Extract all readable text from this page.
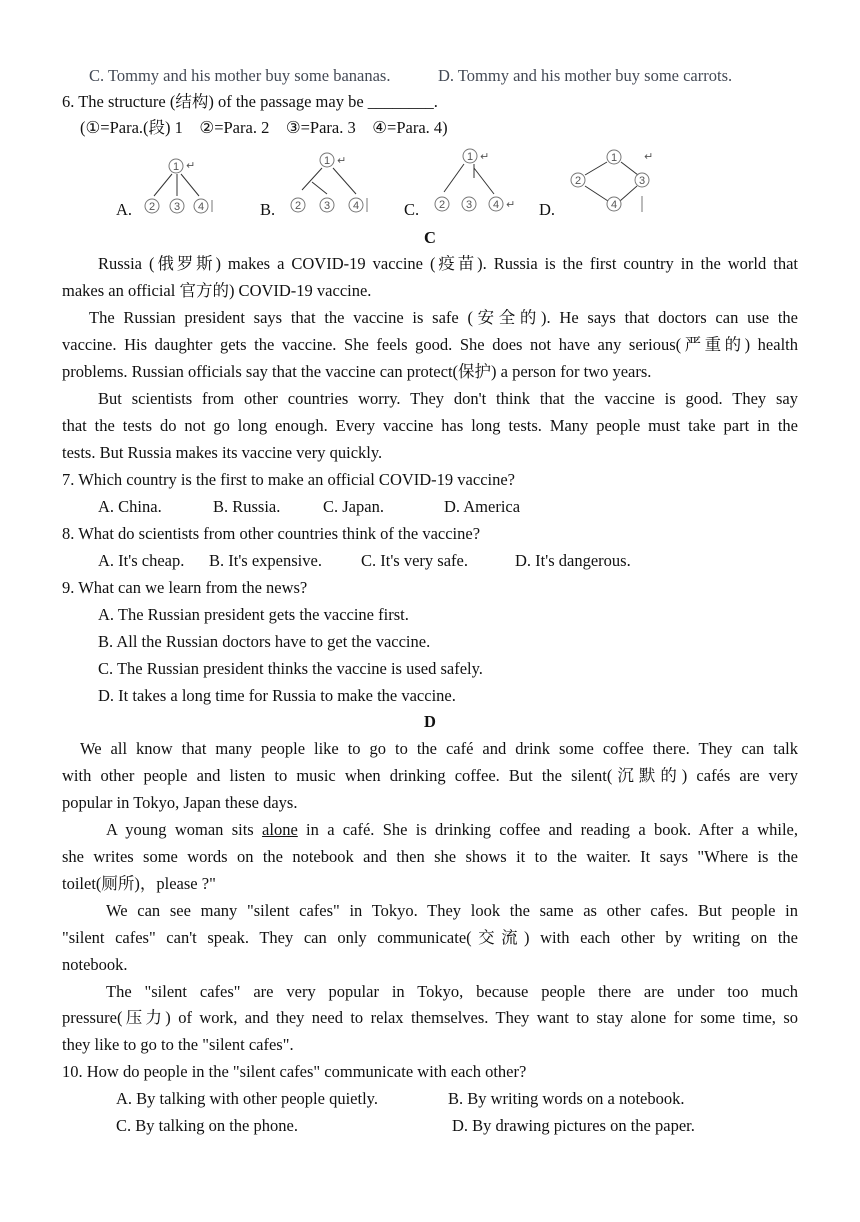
C. Tommy and his mother buy some bananas.	D. Tommy and his mother buy some carrots.
6. The structure (结构) of the passage may be ________.
(①=Para.(段) 1    ②=Para. 2    ③=Para. 3    ④=Para. 4)
A.
1 ↵
2 3 4	B.
1 ↵
2 3 4	C.
1 ↵
2 3 4 ↵ D.
1 ↵
2	3
4
C
Russia (俄罗斯) makes a COVID-19 vaccine (疫苗). Russia is the first country in the world that
makes an official 官方的) COVID-19 vaccine.
The Russian president says that the vaccine is safe (安全的). He says that doctors can use the
vaccine. His daughter gets the vaccine. She feels good. She does not have any serious(严重的) health
problems. Russian officials say that the vaccine can protect(保护) a person for two years.
But scientists from other countries worry. They don't think that the vaccine is good. They say
that the tests do not go long enough. Every vaccine has long tests. Many people must take part in the
tests. But Russia makes its vaccine very quickly.
7. Which country is the first to make an official COVID-19 vaccine?
A. China.	B. Russia.	C. Japan.	D. America
8. What do scientists from other countries think of the vaccine?
A. It's cheap. B. It's expensive. C. It's very safe.	D. It's dangerous.
9. What can we learn from the news?
A. The Russian president gets the vaccine first.
B. All the Russian doctors have to get the vaccine.
C. The Russian president thinks the vaccine is used safely.
D. It takes a long time for Russia to make the vaccine.
D
We all know that many people like to go to the café and drink some coffee there. They can talk
with other people and listen to music when drinking coffee. But the silent(沉默的) cafés are very
popular in Tokyo, Japan these days.
A young woman sits alone in a café. She is drinking coffee and reading a book. After a while,
she writes some words on the notebook and then she shows it to the waiter. It says "Where is the
toilet(厕所)，please ?"
We can see many "silent cafes" in Tokyo. They look the same as other cafes. But people in
"silent cafes" can't speak. They can only communicate(交流) with each other by writing on the
notebook.
The "silent cafes" are very popular in Tokyo, because people there are under too much
pressure(压力) of work, and they need to relax themselves. They want to stay alone for some time, so
they like to go to the "silent cafes".
10. How do people in the "silent cafes" communicate with each other?
A. By talking with other people quietly.	B. By writing words on a notebook.
C. By talking on the phone.	D. By drawing pictures on the paper.
